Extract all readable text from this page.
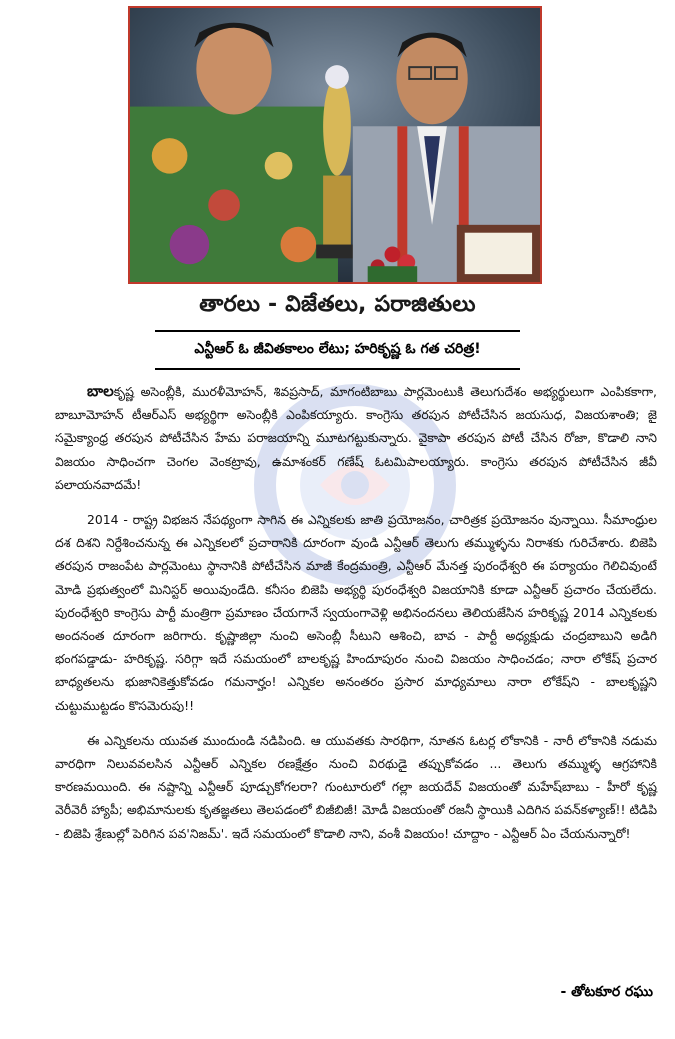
తారలు - విజేతలు, పరాజితులు
ఎన్టీఆర్ ఓ జీవితకాలం లేటు; హరికృష్ణ ఓ గత చరిత్ర!

బాలకృష్ణ అసెంబ్లీకి, మురళీమోహన్, శివప్రసాద్, మాగంటిబాబు పార్లమెంటుకి తెలుగుదేశం అభ్యర్థులుగా ఎంపికకాగా, బాబూమోహన్ టీఆర్ఎస్ అభ్యర్థిగా అసెంబ్లీకి ఎంపికయ్యారు. కాంగ్రెసు తరపున పోటీచేసిన జయసుధ, విజయశాంతి; జై సమైక్యాంధ్ర తరపున పోటీచేసిన హేమ పరాజయాన్ని మూటగట్టుకున్నారు. వైకాపా తరపున పోటీ చేసిన రోజా, కొడాలి నాని విజయం సాధించగా చెంగల వెంకట్రావు, ఉమాశంకర్ గణేష్ ఓటమిపాలయ్యారు. కాంగ్రెసు తరపున పోటీచేసిన జీవీ పలాయనవాదమే!

2014 - రాష్ట్ర విభజన నేపథ్యంగా సాగిన ఈ ఎన్నికలకు జాతి ప్రయోజనం, చారిత్రక ప్రయోజనం వున్నాయి. సీమాంధ్రుల దశ దిశని నిర్దేశించనున్న ఈ ఎన్నికలలో ప్రచారానికి దూరంగా వుండి ఎన్టీఆర్ తెలుగు తమ్ముళ్ళను నిరాశకు గురిచేశారు. బిజెపి తరపున రాజంపేట పార్లమెంటు స్థానానికి పోటీచేసిన మాజీ కేంద్రమంత్రి, ఎన్టీఆర్ మేనత్త పురంధేశ్వరి ఈ పర్యాయం గెలిచివుంటే మోడి ప్రభుత్వంలో మినిస్టర్ అయివుండేది. కనీసం బిజెపి అభ్యర్థి పురంధేశ్వరి విజయానికి కూడా ఎన్టీఆర్ ప్రచారం చేయలేదు. పురంధేశ్వరి కాంగ్రెసు పార్టీ మంత్రిగా ప్రమాణం చేయగానే స్వయంగావెళ్లి అభినందనలు తెలియజేసిన హరికృష్ణ 2014 ఎన్నికలకు అందనంత దూరంగా జరిగారు. కృష్ణాజిల్లా నుంచి అసెంబ్లీ సీటుని ఆశించి, బావ - పార్టీ అధ్యక్షుడు చంద్రబాబుని అడిగి భంగపడ్డాడు- హరికృష్ణ. సరిగ్గా ఇదే సమయంలో బాలకృష్ణ హిందూపురం నుంచి విజయం సాధించడం; నారా లోకేష్ ప్రచార బాధ్యతలను భుజానికెత్తుకోవడం గమనార్హం! ఎన్నికల అనంతరం ప్రసార మాధ్యమాలు నారా లోకేష్‌ని - బాలకృష్ణని చుట్టుముట్టడం కొసమెరుపు!!

ఈ ఎన్నికలను యువత ముందుండి నడిపింది. ఆ యువతకు సారథిగా, నూతన ఓటర్ల లోకానికి - నారీ లోకానికి నడుమ వారధిగా నిలువవలసిన ఎన్టీఆర్ ఎన్నికల రణక్షేత్రం నుంచి విరథుడై తప్పుకోవడం ... తెలుగు తమ్ముళ్ళ ఆగ్రహానికి కారణమయింది. ఈ నష్టాన్ని ఎన్టీఆర్ పూడ్చుకోగలరా? గుంటూరులో గల్లా జయదేవ్ విజయంతో మహేష్‌బాబు - హీరో కృష్ణ వెరీవెరీ హ్యాపీ; అభిమానులకు కృతజ్ఞతలు తెలపడంలో బిజీబిజీ! మోడీ విజయంతో రజనీ స్థాయికి ఎదిగిన పవన్‌కళ్యాణ్!! టిడిపి - బిజెపి శ్రేణుల్లో పెరిగిన పవ'నిజమ్'. ఇదే సమయంలో కొడాలి నాని, వంశీ విజయం! చూద్దాం - ఎన్టీఆర్ ఏం చేయనున్నారో!

- తోటకూర రఘు
